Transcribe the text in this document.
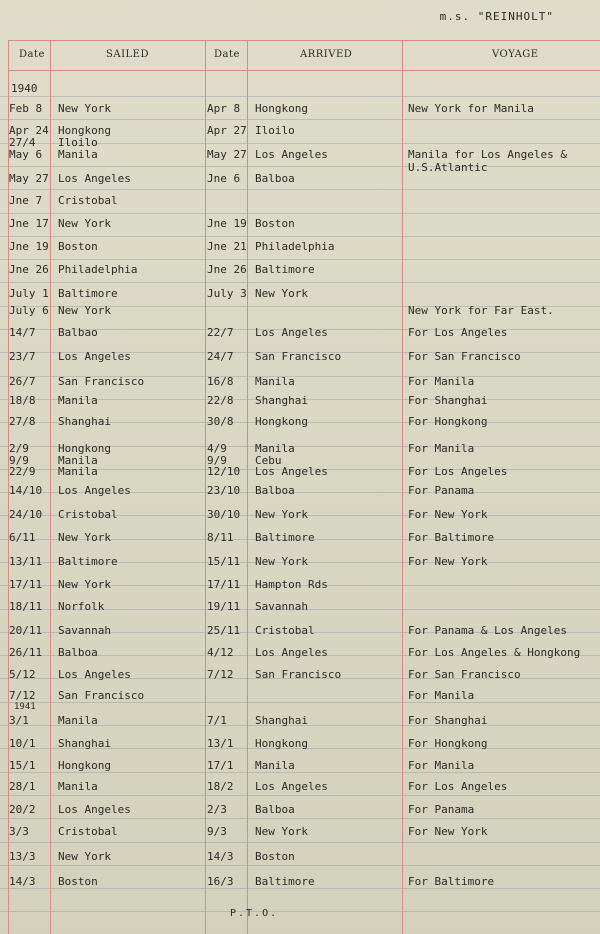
m.s. "REINHOLT"
Date	SAILED	Date	ARRIVED	VOYAGE
1940
1941
Feb 8 New York	Apr 8 Hongkong	New York for Manila
Apr 24 Hongkong	Apr 27 Iloilo
27/4 Iloilo
May 6 Manila	May 27 Los Angeles	Manila for Los Angeles &
U.S.Atlantic
May 27 Los Angeles	Jne 6 Balboa
Jne 7 Cristobal
Jne 17 New York	Jne 19 Boston
Jne 19 Boston	Jne 21 Philadelphia
Jne 26 Philadelphia	Jne 26 Baltimore
July 1 Baltimore	July 3 New York
July 6 New York	New York for Far East.
14/7 Balbao	22/7 Los Angeles	For Los Angeles
23/7 Los Angeles	24/7 San Francisco	For San Francisco
26/7 San Francisco	16/8 Manila	For Manila
18/8 Manila	22/8 Shanghai	For Shanghai
27/8 Shanghai	30/8 Hongkong	For Hongkong
2/9	Hongkong	4/9	Manila	For Manila
9/9	Manila	9/9	Cebu
22/9 Manila	12/10 Los Angeles	For Los Angeles
14/10 Los Angeles	23/10 Balboa	For Panama
24/10 Cristobal	30/10 New York	For New York
6/11 New York	8/11 Baltimore	For Baltimore
13/11 Baltimore	15/11 New York	For New York
17/11 New York	17/11 Hampton Rds
18/11 Norfolk	19/11 Savannah
20/11 Savannah	25/11 Cristobal	For Panama & Los Angeles
26/11 Balboa	4/12 Los Angeles	For Los Angeles & Hongkong
5/12 Los Angeles	7/12 San Francisco	For San Francisco
7/12 San Francisco	For Manila
3/1	Manila	7/1	Shanghai	For Shanghai
10/1 Shanghai	13/1 Hongkong	For Hongkong
15/1 Hongkong	17/1 Manila	For Manila
28/1 Manila	18/2 Los Angeles	For Los Angeles
20/2 Los Angeles	2/3	Balboa	For Panama
3/3	Cristobal	9/3	New York	For New York
13/3 New York	14/3 Boston
14/3 Boston	16/3 Baltimore	For Baltimore
P.T.O.
